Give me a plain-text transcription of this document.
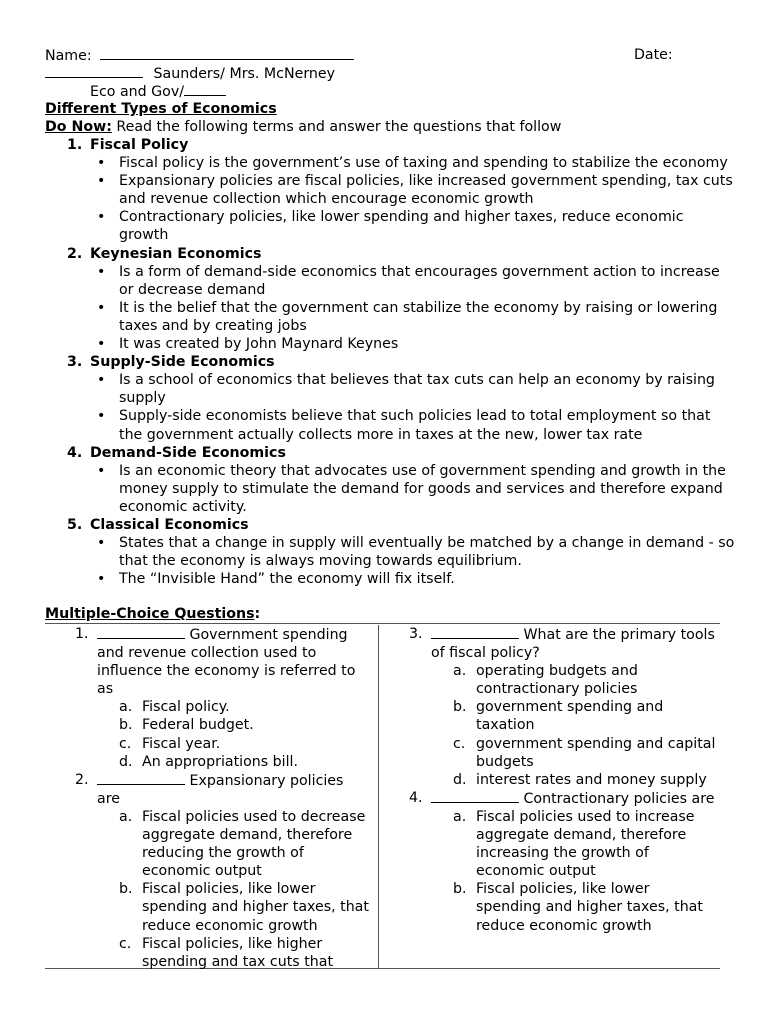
Name:	Date:
Saunders/ Mrs. McNerney
Eco and Gov/
Different Types of Economics
Do Now: Read the following terms and answer the questions that follow
1. Fiscal Policy
• Fiscal policy is the government’s use of taxing and spending to stabilize the economy
• Expansionary policies are fiscal policies, like increased government spending, tax cuts and revenue collection which encourage economic growth
• Contractionary policies, like lower spending and higher taxes, reduce economic growth
2. Keynesian Economics
• Is a form of demand-side economics that encourages government action to increase or decrease demand
• It is the belief that the government can stabilize the economy by raising or lowering taxes and by creating jobs
• It was created by John Maynard Keynes
3. Supply-Side Economics
• Is a school of economics that believes that tax cuts can help an economy by raising supply
• Supply-side economists believe that such policies lead to total employment so that the government actually collects more in taxes at the new, lower tax rate
4. Demand-Side Economics
• Is an economic theory that advocates use of government spending and growth in the money supply to stimulate the demand for goods and services and therefore expand economic activity.
5. Classical Economics
• States that a change in supply will eventually be matched by a change in demand - so that the economy is always moving towards equilibrium.
• The “Invisible Hand” the economy will fix itself.
Multiple-Choice Questions:
1.	Government spending and revenue collection used to influence the economy is referred to as
a. Fiscal policy.
b. Federal budget.
c. Fiscal year.
d. An appropriations bill.
2.	Expansionary policies are
a. Fiscal policies used to decrease aggregate demand, therefore reducing the growth of economic output
b. Fiscal policies, like lower spending and higher taxes, that reduce economic growth
c. Fiscal policies, like higher spending and tax cuts that
3.	What are the primary tools of fiscal policy?
a. operating budgets and contractionary policies
b. government spending and taxation
c. government spending and capital budgets
d. interest rates and money supply
4.	Contractionary policies are
a. Fiscal policies used to increase aggregate demand, therefore increasing the growth of economic output
b. Fiscal policies, like lower spending and higher taxes, that reduce economic growth
